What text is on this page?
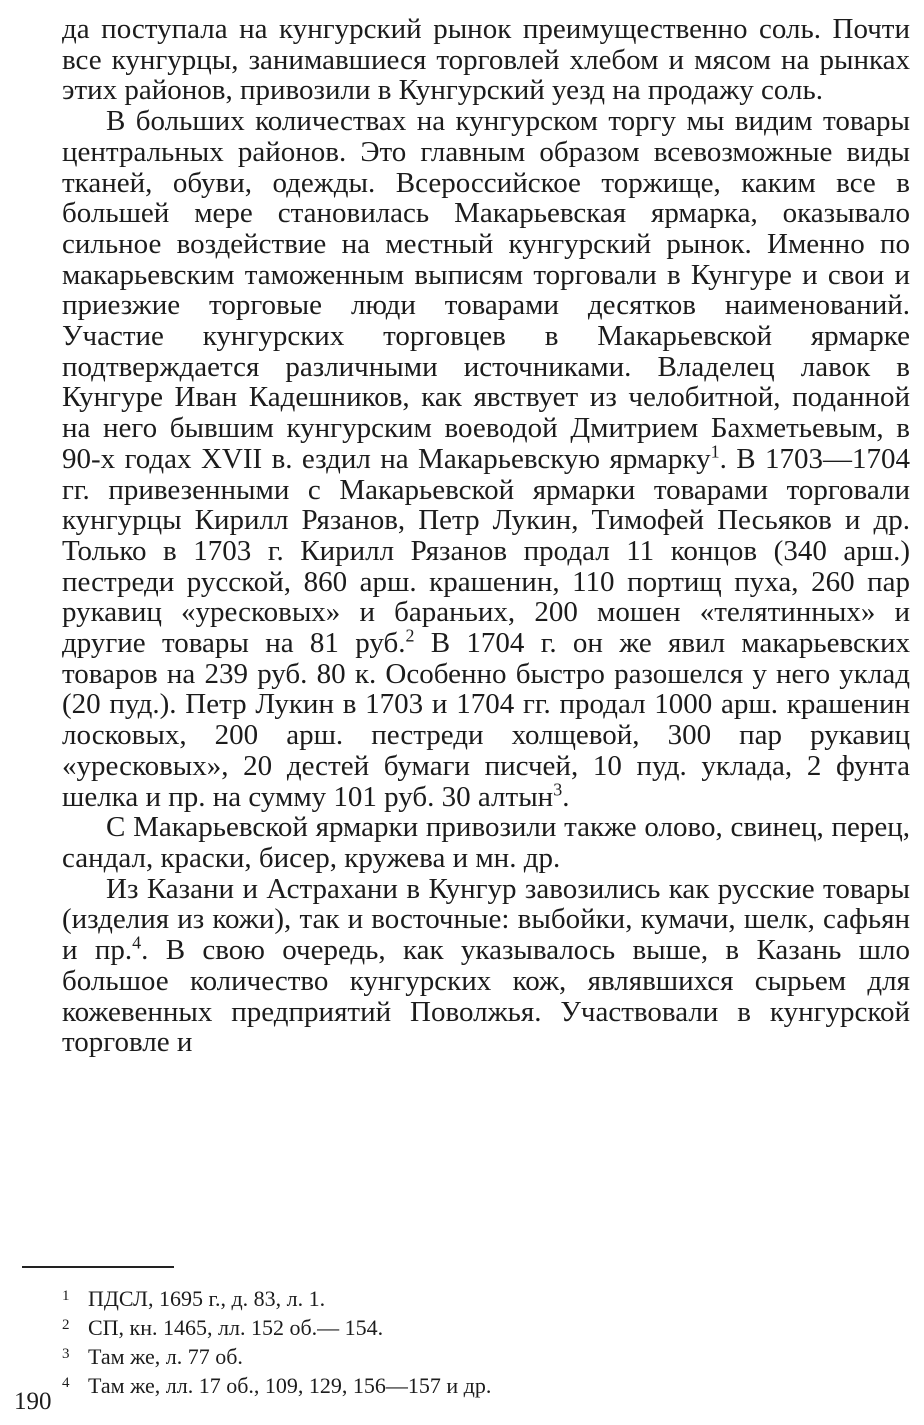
да поступала на кунгурский рынок преимущественно соль. Почти все кунгурцы, занимавшиеся торговлей хлебом и мясом на рынках этих районов, привозили в Кунгурский уезд на продажу соль.

В больших количествах на кунгурском торгу мы видим товары центральных районов. Это главным образом всевозможные виды тканей, обуви, одежды. Всероссийское торжище, каким все в большей мере становилась Макарьевская ярмарка, оказывало сильное воздействие на местный кунгурский рынок. Именно по макарьевским таможенным выписям торговали в Кунгуре и свои и приезжие торговые люди товарами десятков наименований. Участие кунгурских торговцев в Макарьевской ярмарке подтверждается различными источниками. Владелец лавок в Кунгуре Иван Кадешников, как явствует из челобитной, поданной на него бывшим кунгурским воеводой Дмитрием Бахметьевым, в 90-х годах XVII в. ездил на Макарьевскую ярмарку$^1$. В 1703—1704 гг. привезенными с Макарьевской ярмарки товарами торговали кунгурцы Кирилл Рязанов, Петр Лукин, Тимофей Песьяков и др. Только в 1703 г. Кирилл Рязанов продал 11 концов (340 арш.) пестреди русской, 860 арш. крашенин, 110 портищ пуха, 260 пар рукавиц «уресковых» и бараньих, 200 мошен «телятинных» и другие товары на 81 руб.$^2$ В 1704 г. он же явил макарьевских товаров на 239 руб. 80 к. Особенно быстро разошелся у него уклад (20 пуд.). Петр Лукин в 1703 и 1704 гг. продал 1000 арш. крашенин лосковых, 200 арш. пестреди холщевой, 300 пар рукавиц «уресковых», 20 дестей бумаги писчей, 10 пуд. уклада, 2 фунта шелка и пр. на сумму 101 руб. 30 алтын$^3$.

С Макарьевской ярмарки привозили также олово, свинец, перец, сандал, краски, бисер, кружева и мн. др.

Из Казани и Астрахани в Кунгур завозились как русские товары (изделия из кожи), так и восточные: выбойки, кумачи, шелк, сафьян и пр.$^4$. В свою очередь, как указывалось выше, в Казань шло большое количество кунгурских кож, являвшихся сырьем для кожевенных предприятий Поволжья. Участвовали в кунгурской торговле и

1 ПДСЛ, 1695 г., д. 83, л. 1.
2 СП, кн. 1465, лл. 152 об.— 154.
3 Там же, л. 77 об.
4 Там же, лл. 17 об., 109, 129, 156—157 и др.
190
